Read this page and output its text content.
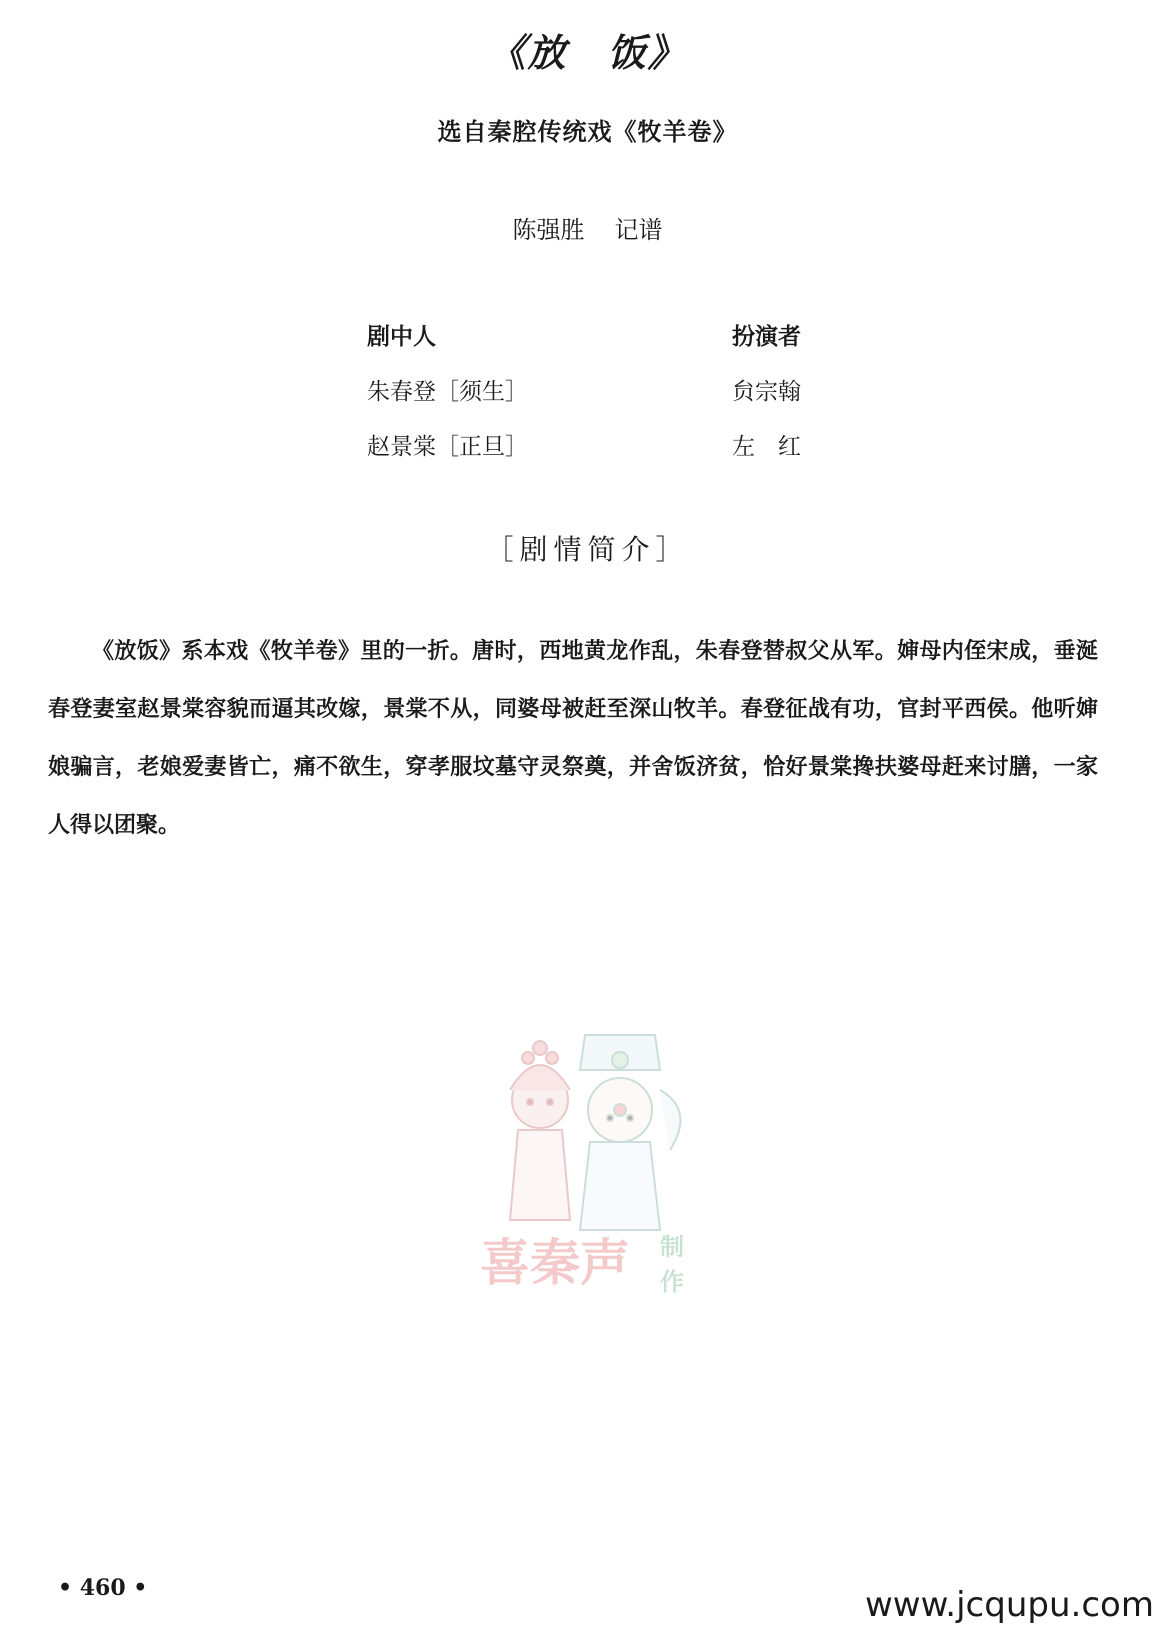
《放　饭》
选自秦腔传统戏《牧羊卷》
陈强胜 记谱
剧中人	扮演者
朱春登［须生］	贠宗翰
赵景棠［正旦］	左　红
［剧情简介］
《放饭》系本戏《牧羊卷》里的一折。唐时，西地黄龙作乱，朱春登替叔父从军。婶母内侄宋成，垂涎春登妻室赵景棠容貌而逼其改嫁，景棠不从，同婆母被赶至深山牧羊。春登征战有功，官封平西侯。他听婶娘骗言，老娘爱妻皆亡，痛不欲生，穿孝服坟墓守灵祭奠，并舍饭济贫，恰好景棠搀扶婆母赶来讨膳，一家人得以团聚。
喜秦声 制
作
• 460 •	www.jcqupu.com
